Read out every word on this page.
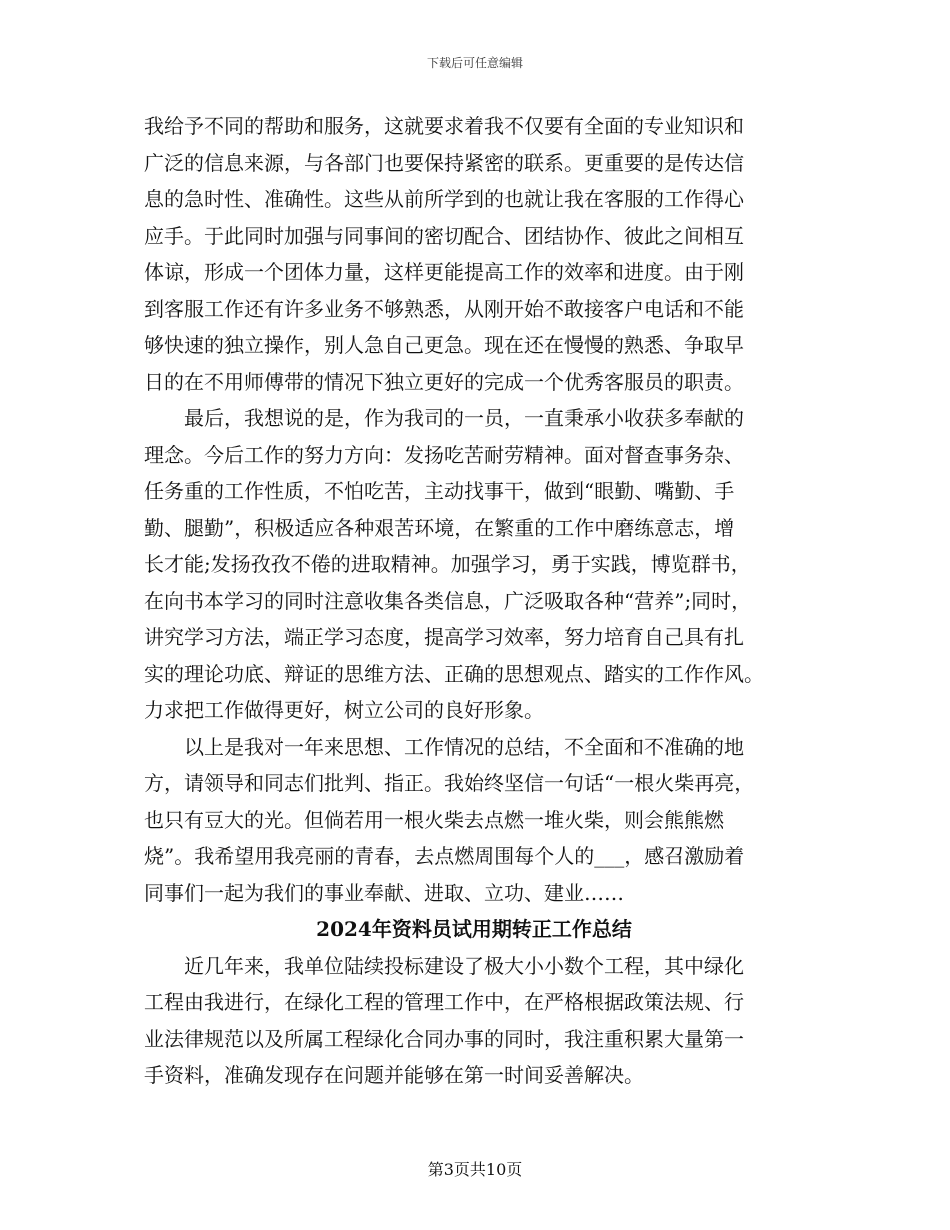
下载后可任意编辑
我给予不同的帮助和服务，这就要求着我不仅要有全面的专业知识和
广泛的信息来源，与各部门也要保持紧密的联系。更重要的是传达信
息的急时性、准确性。这些从前所学到的也就让我在客服的工作得心
应手。于此同时加强与同事间的密切配合、团结协作、彼此之间相互
体谅，形成一个团体力量，这样更能提高工作的效率和进度。由于刚
到客服工作还有许多业务不够熟悉，从刚开始不敢接客户电话和不能
够快速的独立操作，别人急自己更急。现在还在慢慢的熟悉、争取早
日的在不用师傅带的情况下独立更好的完成一个优秀客服员的职责。
最后，我想说的是，作为我司的一员，一直秉承小收获多奉献的
理念。今后工作的努力方向：发扬吃苦耐劳精神。面对督查事务杂、
任务重的工作性质，不怕吃苦，主动找事干，做到“眼勤、嘴勤、手
勤、腿勤”，积极适应各种艰苦环境，在繁重的工作中磨练意志，增
长才能;发扬孜孜不倦的进取精神。加强学习，勇于实践，博览群书，
在向书本学习的同时注意收集各类信息，广泛吸取各种“营养”;同时，
讲究学习方法，端正学习态度，提高学习效率，努力培育自己具有扎
实的理论功底、辩证的思维方法、正确的思想观点、踏实的工作作风。
力求把工作做得更好，树立公司的良好形象。
以上是我对一年来思想、工作情况的总结，不全面和不准确的地
方，请领导和同志们批判、指正。我始终坚信一句话“一根火柴再亮，
也只有豆大的光。但倘若用一根火柴去点燃一堆火柴，则会熊熊燃
烧”。我希望用我亮丽的青春，去点燃周围每个人的___，感召激励着
同事们一起为我们的事业奉献、进取、立功、建业……
2024年资料员试用期转正工作总结
近几年来，我单位陆续投标建设了极大小小数个工程，其中绿化
工程由我进行，在绿化工程的管理工作中，在严格根据政策法规、行
业法律规范以及所属工程绿化合同办事的同时，我注重积累大量第一
手资料，准确发现存在问题并能够在第一时间妥善解决。
第3页共10页
